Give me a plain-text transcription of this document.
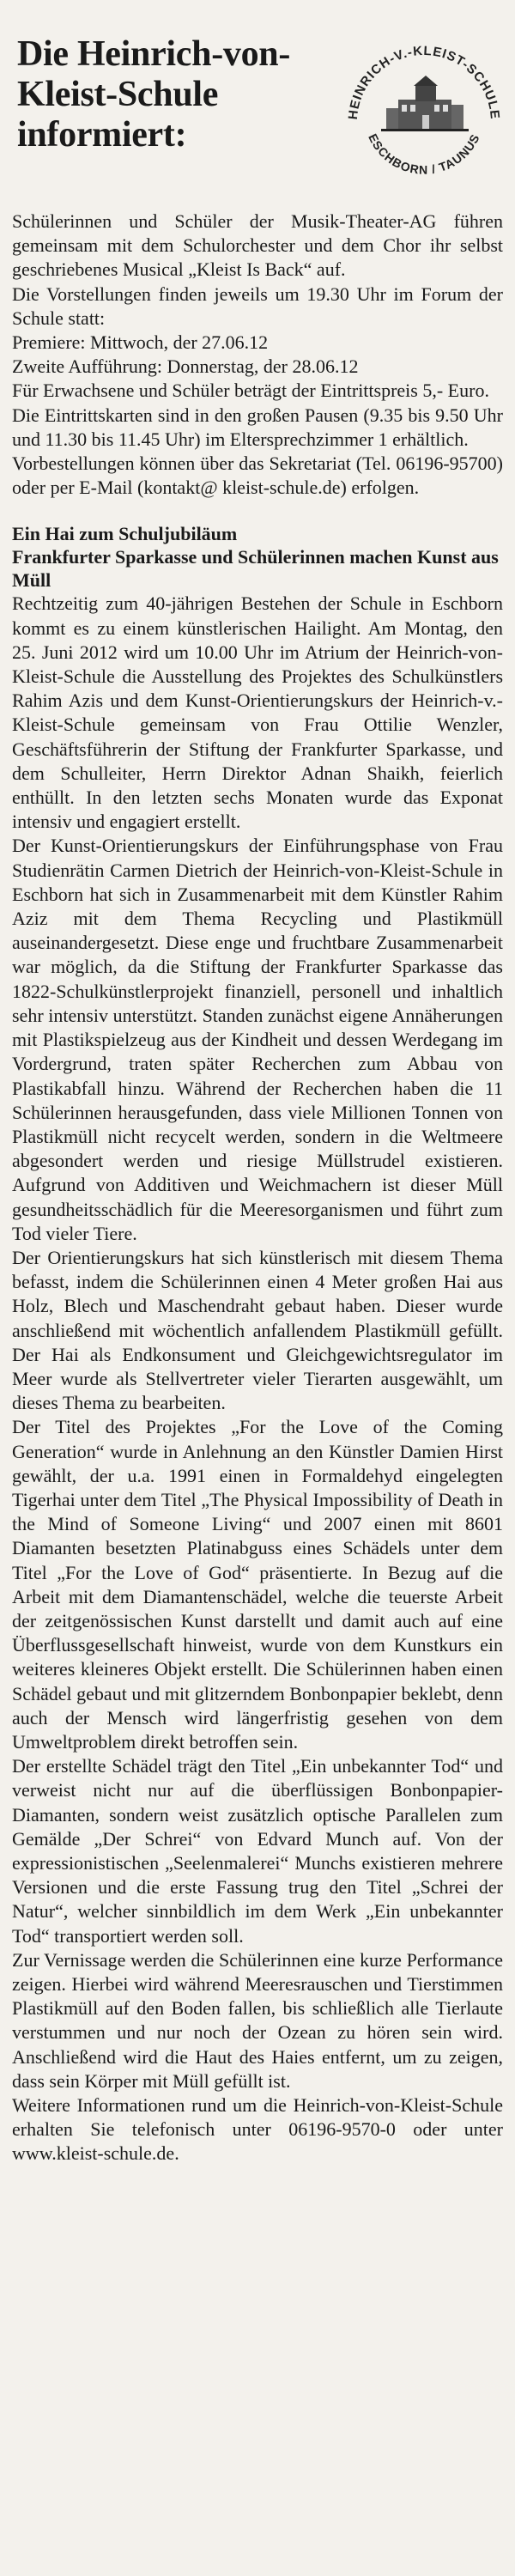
Die Heinrich-von-
Kleist-Schule
informiert:
HEINRICH-V.-KLEIST-SCHULE
ESCHBORN / TAUNUS

Schülerinnen und Schüler der Musik-Theater-AG führen gemeinsam mit dem Schulorchester und dem Chor ihr selbst geschriebenes Musical „Kleist Is Back“ auf.

Die Vorstellungen finden jeweils um 19.30 Uhr im Forum der Schule statt:

Premiere: Mittwoch, der 27.06.12

Zweite Aufführung: Donnerstag, der 28.06.12

Für Erwachsene und Schüler beträgt der Eintrittspreis 5,- Euro.

Die Eintrittskarten sind in den großen Pausen (9.35 bis 9.50 Uhr und 11.30 bis 11.45 Uhr) im Eltersprechzimmer 1 erhältlich.

Vorbestellungen können über das Sekretariat (Tel. 06196-95700) oder per E-Mail (kontakt@ kleist-schule.de) erfolgen.

Ein Hai zum Schuljubiläum
Frankfurter Sparkasse und Schülerinnen machen Kunst aus Müll

Rechtzeitig zum 40-jährigen Bestehen der Schule in Eschborn kommt es zu einem künstlerischen Hailight. Am Montag, den 25. Juni 2012 wird um 10.00 Uhr im Atrium der Heinrich-von-Kleist-Schule die Ausstellung des Projektes des Schulkünstlers Rahim Azis und dem Kunst-Orientierungskurs der Heinrich-v.-Kleist-Schule gemeinsam von Frau Ottilie Wenzler, Geschäftsführerin der Stiftung der Frankfurter Sparkasse, und dem Schulleiter, Herrn Direktor Adnan Shaikh, feierlich enthüllt. In den letzten sechs Monaten wurde das Exponat intensiv und engagiert erstellt.

Der Kunst-Orientierungskurs der Einführungsphase von Frau Studienrätin Carmen Dietrich der Heinrich-von-Kleist-Schule in Eschborn hat sich in Zusammenarbeit mit dem Künstler Rahim Aziz mit dem Thema Recycling und Plastikmüll auseinandergesetzt. Diese enge und fruchtbare Zusammenarbeit war möglich, da die Stiftung der Frankfurter Sparkasse das 1822-Schulkünstlerprojekt finanziell, personell und inhaltlich sehr intensiv unterstützt. Standen zunächst eigene Annäherungen mit Plastikspielzeug aus der Kindheit und dessen Werdegang im Vordergrund, traten später Recherchen zum Abbau von Plastikabfall hinzu. Während der Recherchen haben die 11 Schülerinnen herausgefunden, dass viele Millionen Tonnen von Plastikmüll nicht recycelt werden, sondern in die Weltmeere abgesondert werden und riesige Müllstrudel existieren. Aufgrund von Additiven und Weichmachern ist dieser Müll gesundheitsschädlich für die Meeresorganismen und führt zum Tod vieler Tiere.

Der Orientierungskurs hat sich künstlerisch mit diesem Thema befasst, indem die Schülerinnen einen 4 Meter großen Hai aus Holz, Blech und Maschendraht gebaut haben. Dieser wurde anschließend mit wöchentlich anfallendem Plastikmüll gefüllt. Der Hai als Endkonsument und Gleichgewichtsregulator im Meer wurde als Stellvertreter vieler Tierarten ausgewählt, um dieses Thema zu bearbeiten.

Der Titel des Projektes „For the Love of the Coming Generation“ wurde in Anlehnung an den Künstler Damien Hirst gewählt, der u.a. 1991 einen in Formaldehyd eingelegten Tigerhai unter dem Titel „The Physical Impossibility of Death in the Mind of Someone Living“ und 2007 einen mit 8601 Diamanten besetzten Platinabguss eines Schädels unter dem Titel „For the Love of God“ präsentierte. In Bezug auf die Arbeit mit dem Diamantenschädel, welche die teuerste Arbeit der zeitgenössischen Kunst darstellt und damit auch auf eine Überflussgesellschaft hinweist, wurde von dem Kunstkurs ein weiteres kleineres Objekt erstellt. Die Schülerinnen haben einen Schädel gebaut und mit glitzerndem Bonbonpapier beklebt, denn auch der Mensch wird längerfristig gesehen von dem Umweltproblem direkt betroffen sein.

Der erstellte Schädel trägt den Titel „Ein unbekannter Tod“ und verweist nicht nur auf die überflüssigen Bonbonpapier-Diamanten, sondern weist zusätzlich optische Parallelen zum Gemälde „Der Schrei“ von Edvard Munch auf. Von der expressionistischen „Seelenmalerei“ Munchs existieren mehrere Versionen und die erste Fassung trug den Titel „Schrei der Natur“, welcher sinnbildlich im dem Werk „Ein unbekannter Tod“ transportiert werden soll.

Zur Vernissage werden die Schülerinnen eine kurze Performance zeigen. Hierbei wird während Meeresrauschen und Tierstimmen Plastikmüll auf den Boden fallen, bis schließlich alle Tierlaute verstummen und nur noch der Ozean zu hören sein wird. Anschließend wird die Haut des Haies entfernt, um zu zeigen, dass sein Körper mit Müll gefüllt ist.

Weitere Informationen rund um die Heinrich-von-Kleist-Schule erhalten Sie telefonisch unter 06196-9570-0 oder unter www.kleist-schule.de.
